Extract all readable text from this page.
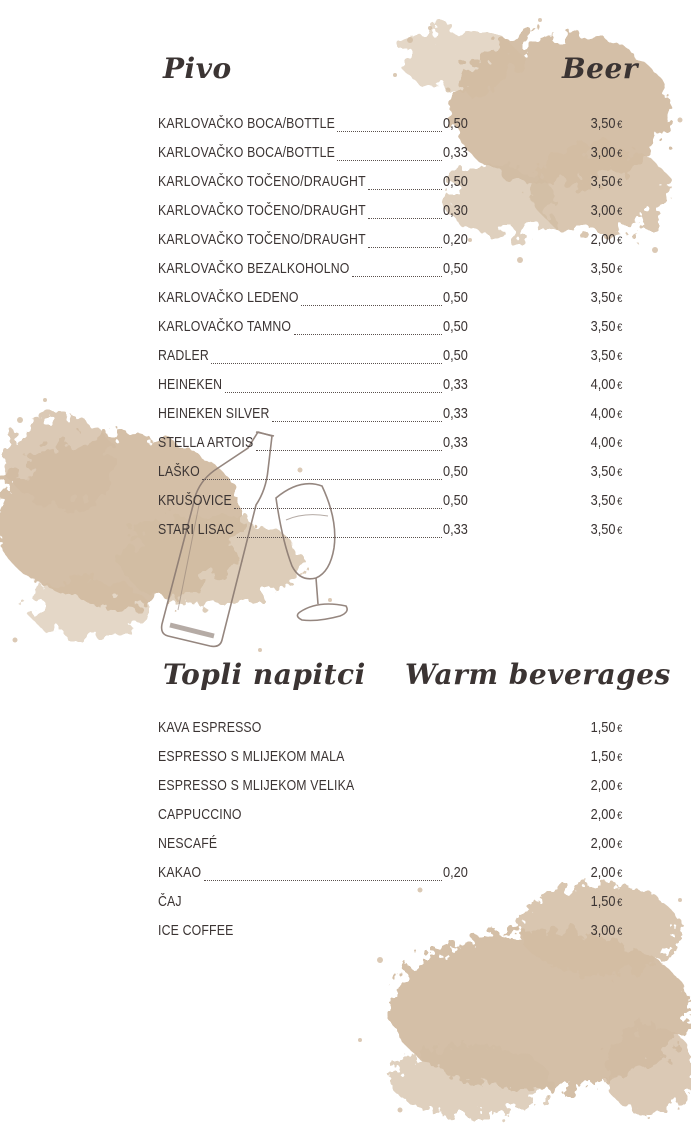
Pivo	Beer
KARLOVAČKO BOCA/BOTTLE	0,50	3,50 €
KARLOVAČKO BOCA/BOTTLE	0,33	3,00 €
KARLOVAČKO TOČENO/DRAUGHT	0,50	3,50 €
KARLOVAČKO TOČENO/DRAUGHT	0,30	3,00 €
KARLOVAČKO TOČENO/DRAUGHT	0,20	2,00 €
KARLOVAČKO BEZALKOHOLNO	0,50	3,50 €
KARLOVAČKO LEDENO	0,50	3,50 €
KARLOVAČKO TAMNO	0,50	3,50 €
RADLER	0,50	3,50 €
HEINEKEN	0,33	4,00 €
HEINEKEN SILVER	0,33	4,00 €
STELLA ARTOIS	0,33	4,00 €
LAŠKO	0,50	3,50 €
KRUŠOVICE	0,50	3,50 €
STARI LISAC	0,33	3,50 €
Topli napitci Warm beverages
KAVA ESPRESSO	1,50 €
ESPRESSO S MLIJEKOM MALA	1,50 €
ESPRESSO S MLIJEKOM VELIKA	2,00 €
CAPPUCCINO	2,00 €
NESCAFÉ	2,00 €
KAKAO	0,20	2,00 €
ČAJ	1,50 €
ICE COFFEE	3,00 €
